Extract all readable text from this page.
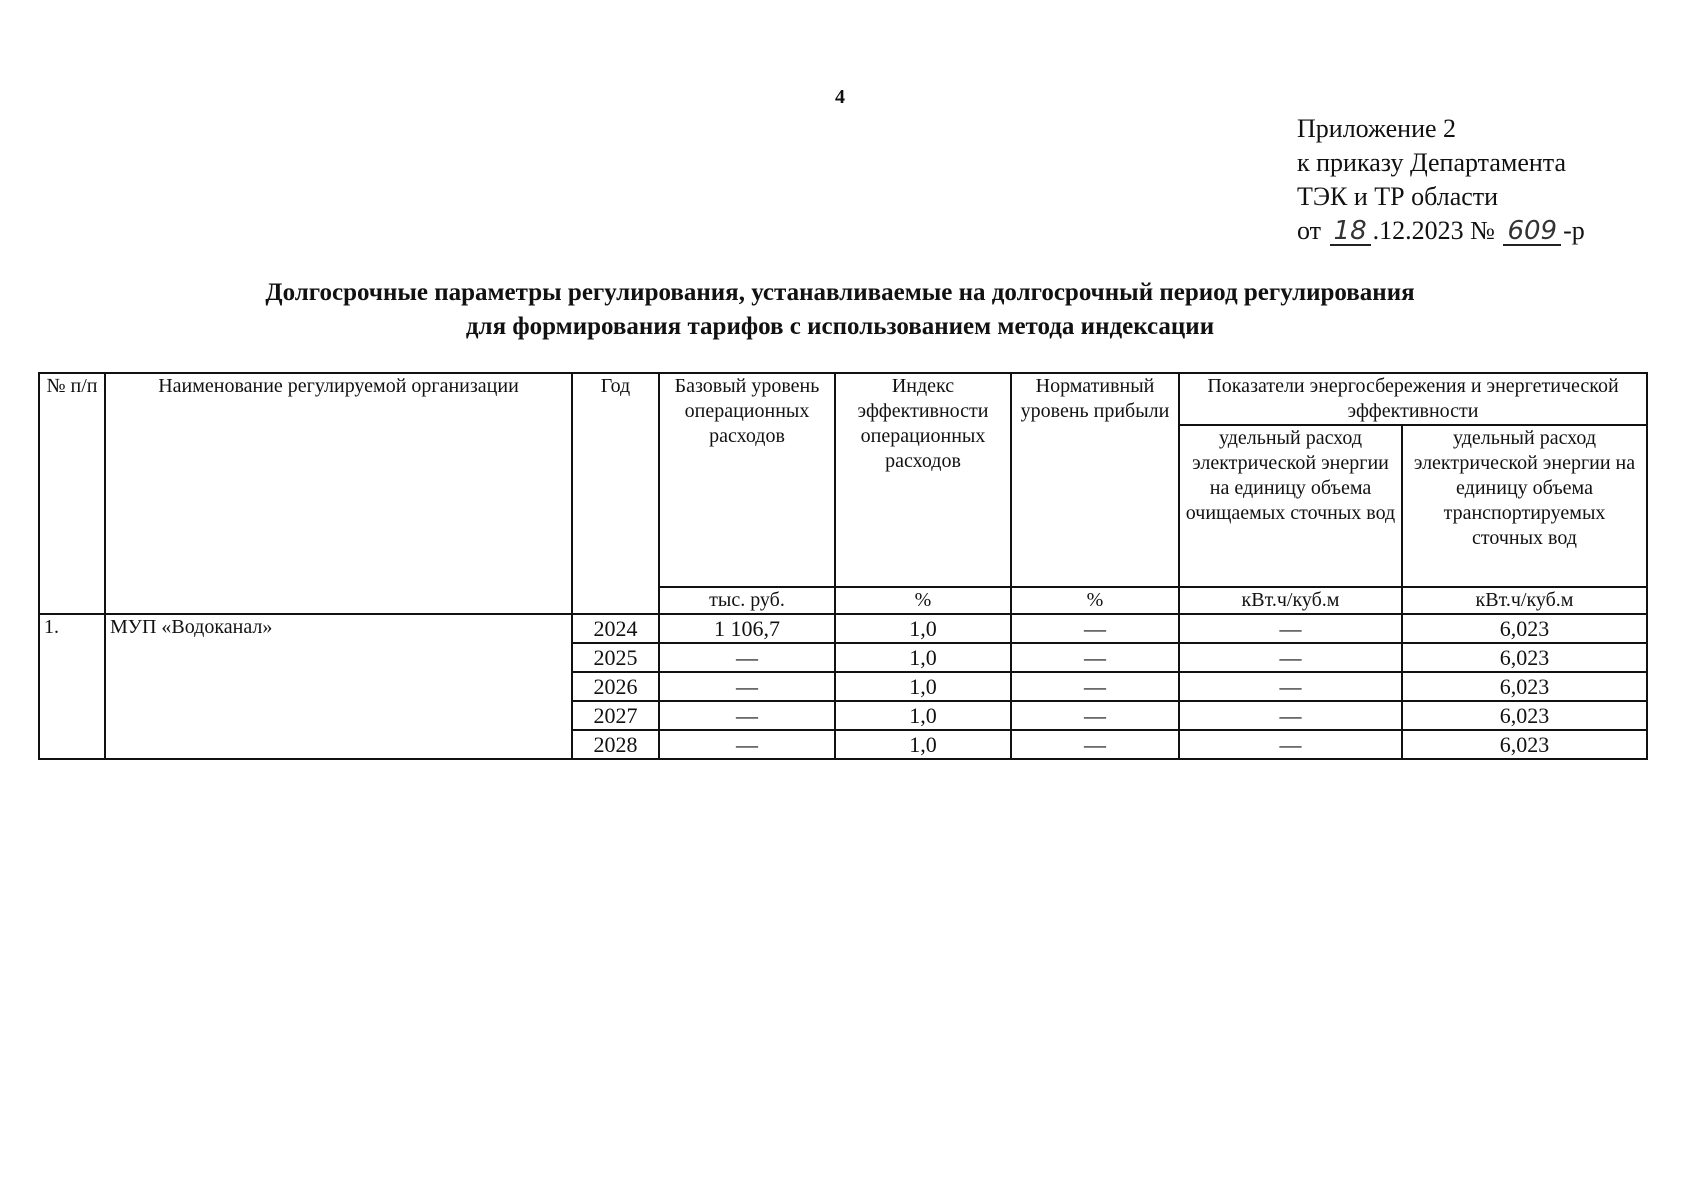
4
Приложение 2
к приказу Департамента
ТЭК и ТР области
от 18 .12.2023 № 609 -р
Долгосрочные параметры регулирования, устанавливаемые на долгосрочный период регулирования
для формирования тарифов с использованием метода индексации
№ п/п	Наименование регулируемой организации	Год	Базовый уровень операционных расходов	Индекс эффективности операционных расходов	Нормативный уровень прибыли	Показатели энергосбережения и энергетической эффективности	
						удельный расход электрической энергии на единицу объема очищаемых сточных вод	удельный расход электрической энергии на единицу объема транспортируемых сточных вод
			тыс. руб.	%	%	кВт.ч/куб.м	кВт.ч/куб.м
1.	МУП «Водоканал»	2024	1 106,7	1,0	—	—	6,023
		2025	—	1,0	—	—	6,023
		2026	—	1,0	—	—	6,023
		2027	—	1,0	—	—	6,023
		2028	—	1,0	—	—	6,023
